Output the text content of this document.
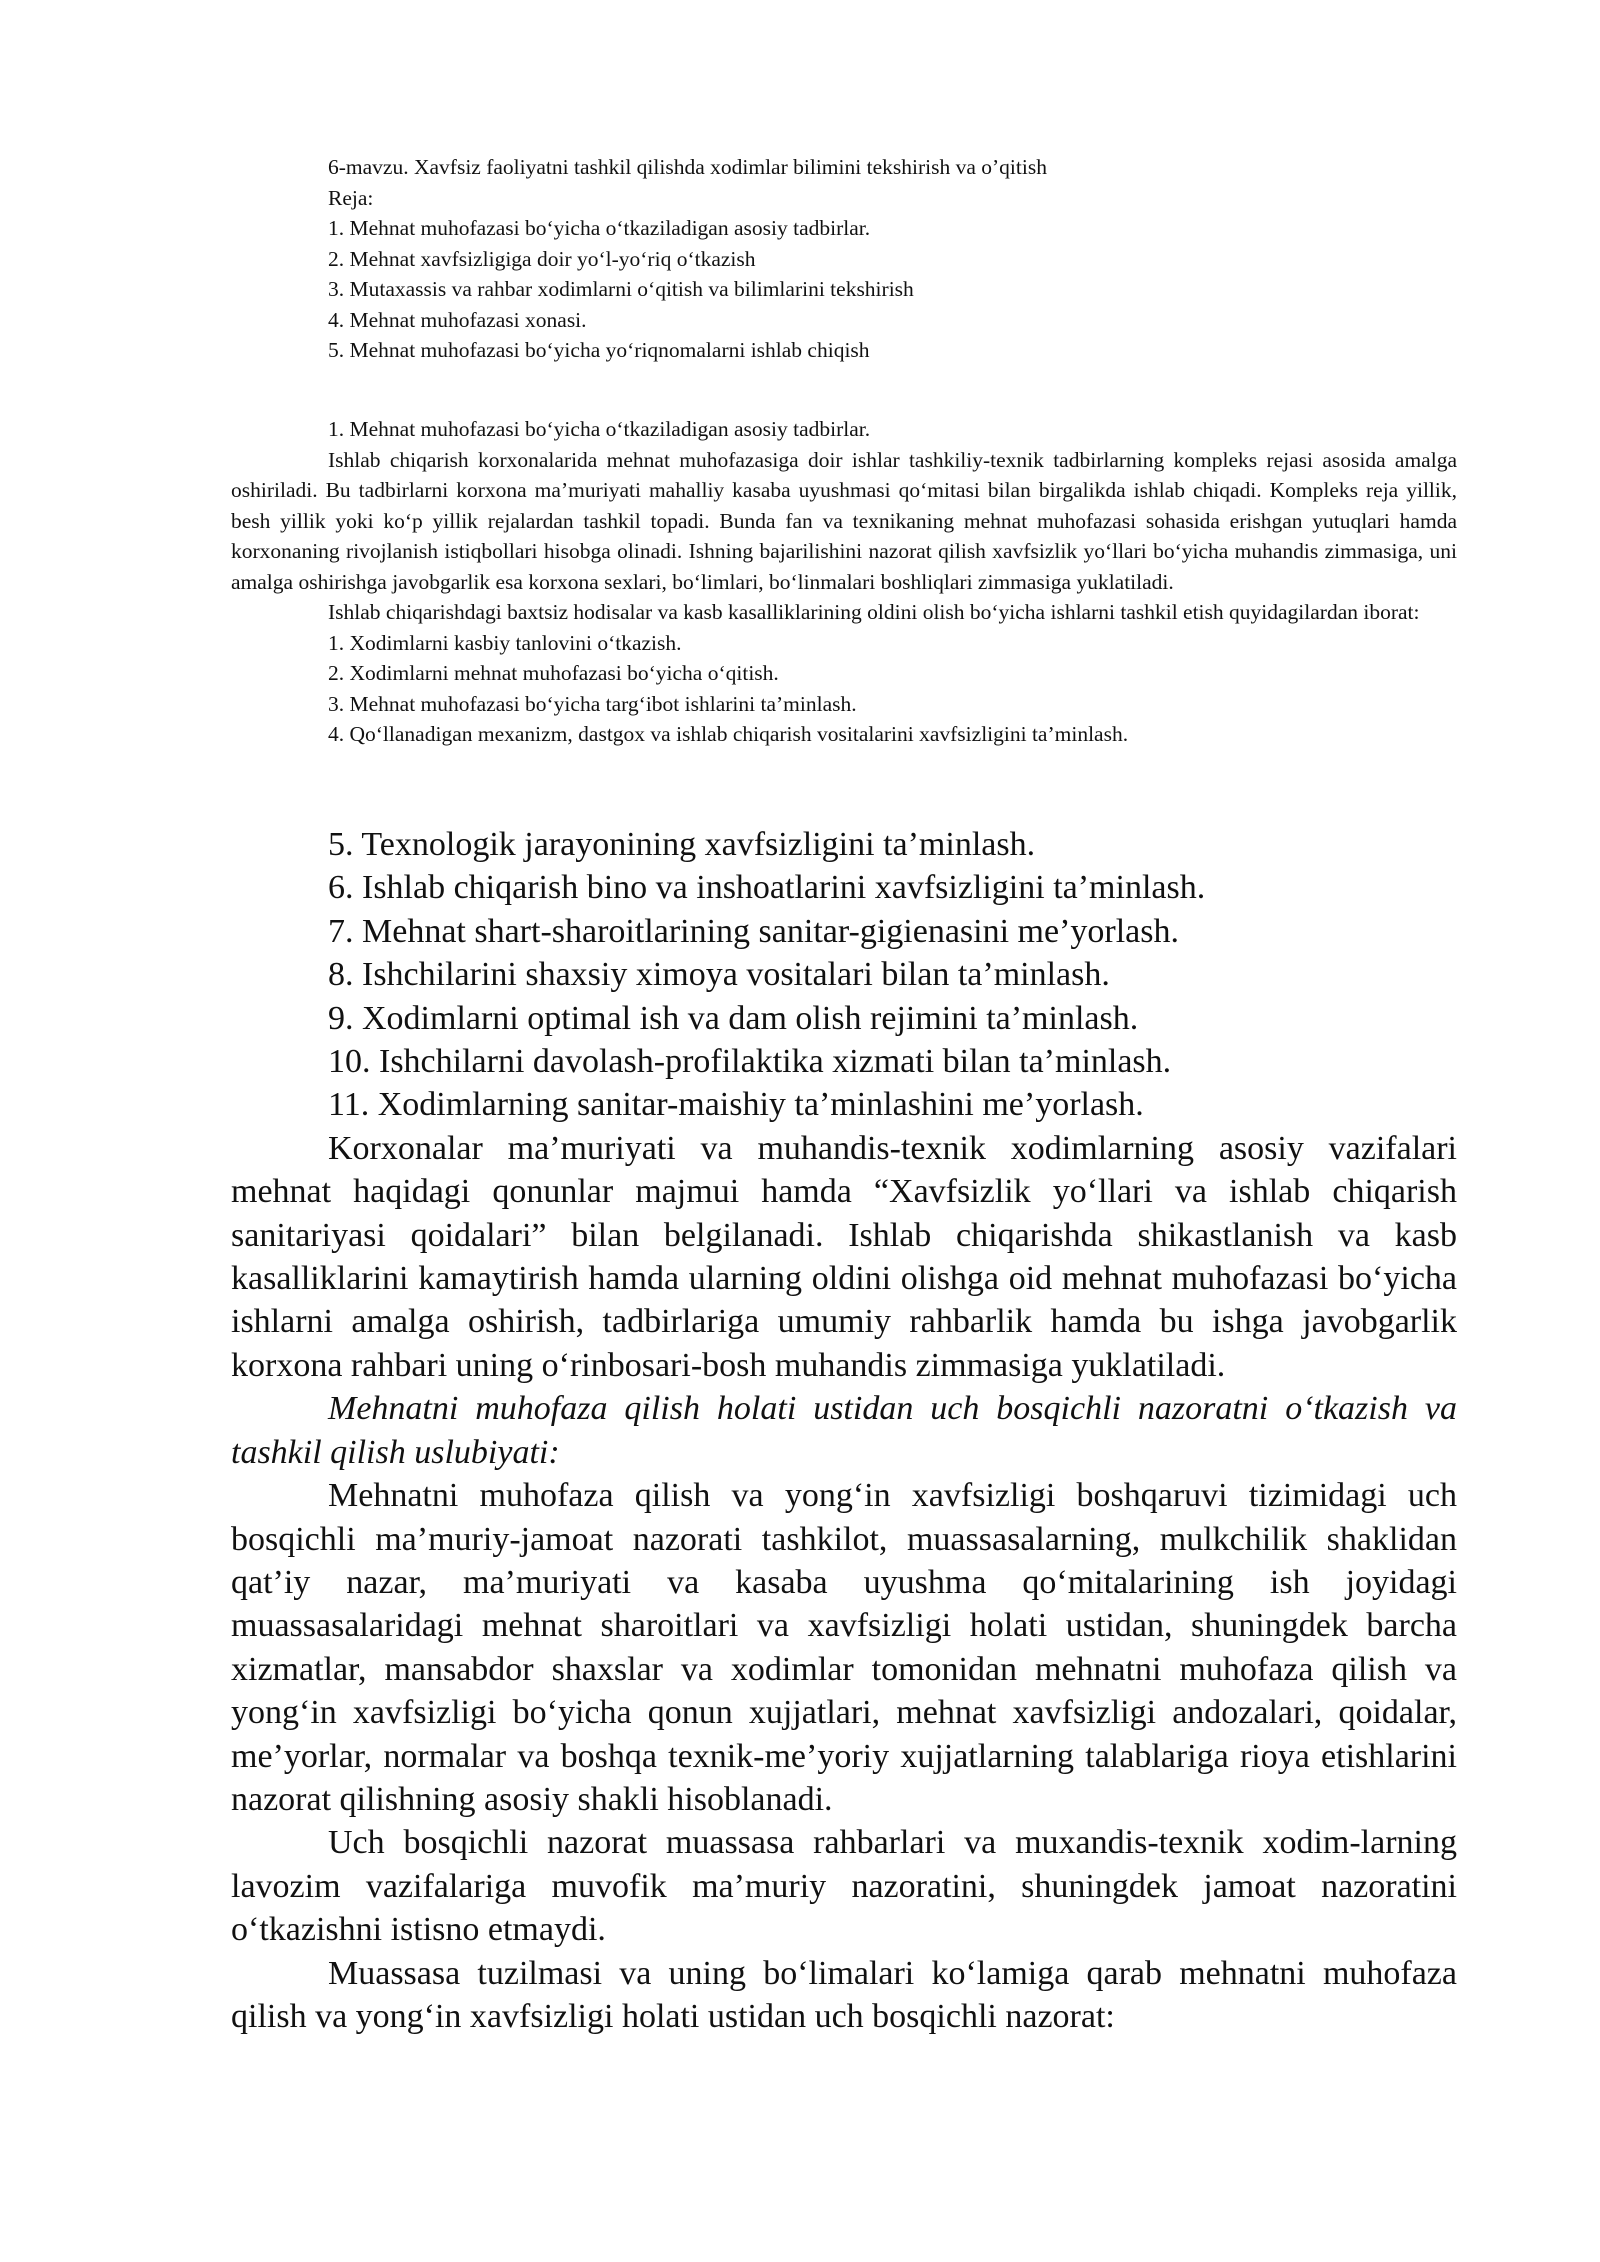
6-mavzu. Xavfsiz faoliyatni tashkil qilishda xodimlar bilimini tekshirish va o’qitish

Reja:

1. Mehnat muhofazasi bo‘yicha o‘tkaziladigan asosiy tadbirlar.

2. Mehnat xavfsizligiga doir yo‘l-yo‘riq o‘tkazish

3. Mutaxassis va rahbar xodimlarni o‘qitish va bilimlarini tekshirish

4. Mehnat muhofazasi xonasi.

5. Mehnat muhofazasi bo‘yicha yo‘riqnomalarni ishlab chiqish

1. Mehnat muhofazasi bo‘yicha o‘tkaziladigan asosiy tadbirlar.

Ishlab chiqarish korxonalarida mehnat muhofazasiga doir ishlar tashkiliy-texnik tadbirlarning kompleks rejasi asosida amalga oshiriladi. Bu tadbirlarni korxona ma’muriyati mahalliy kasaba uyushmasi qo‘mitasi bilan birgalikda ishlab chiqadi. Kompleks reja yillik, besh yillik yoki ko‘p yillik rejalardan tashkil topadi. Bunda fan va texnikaning mehnat muhofazasi sohasida erishgan yutuqlari hamda korxonaning rivojlanish istiqbollari hisobga olinadi. Ishning bajarilishini nazorat qilish xavfsizlik yo‘llari bo‘yicha muhandis zimmasiga, uni amalga oshirishga javobgarlik esa korxona sexlari, bo‘limlari, bo‘linmalari boshliqlari zimmasiga yuklatiladi.

Ishlab chiqarishdagi baxtsiz hodisalar va kasb kasalliklarining oldini olish bo‘yicha ishlarni tashkil etish quyidagilardan iborat:

1. Xodimlarni kasbiy tanlovini o‘tkazish.

2. Xodimlarni mehnat muhofazasi bo‘yicha o‘qitish.

3. Mehnat muhofazasi bo‘yicha targ‘ibot ishlarini ta’minlash.

4. Qo‘llanadigan mexanizm, dastgox va ishlab chiqarish vositalarini xavfsizligini ta’minlash.

5. Texnologik jarayonining xavfsizligini ta’minlash.

6. Ishlab chiqarish bino va inshoatlarini xavfsizligini ta’minlash.

7. Mehnat shart-sharoitlarining sanitar-gigienasini me’yorlash.

8. Ishchilarini shaxsiy ximoya vositalari bilan ta’minlash.

9. Xodimlarni optimal ish va dam olish rejimini ta’minlash.

10. Ishchilarni davolash-profilaktika xizmati bilan ta’minlash.

11. Xodimlarning sanitar-maishiy ta’minlashini me’yorlash.

Korxonalar ma’muriyati va muhandis-texnik xodimlarning asosiy vazifalari mehnat haqidagi qonunlar majmui hamda “Xavfsizlik yo‘llari va ishlab chiqarish sanitariyasi qoidalari” bilan belgilanadi. Ishlab chiqarishda shikastlanish va kasb kasalliklarini kamaytirish hamda ularning oldini olishga oid mehnat muhofazasi bo‘yicha ishlarni amalga oshirish, tadbirlariga umumiy rahbarlik hamda bu ishga javobgarlik korxona rahbari uning o‘rinbosari-bosh muhandis zimmasiga yuklatiladi.

Mehnatni muhofaza qilish holati ustidan uch bosqichli nazoratni o‘tkazish va tashkil qilish uslubiyati:

Mehnatni muhofaza qilish va yong‘in xavfsizligi boshqaruvi tizimidagi uch bosqichli ma’muriy-jamoat nazorati tashkilot, muassasalarning, mulkchilik shaklidan qat’iy nazar, ma’muriyati va kasaba uyushma qo‘mitalarining ish joyidagi muassasalaridagi mehnat sharoitlari va xavfsizligi holati ustidan, shuningdek barcha xizmatlar, mansabdor shaxslar va xodimlar tomonidan mehnatni muhofaza qilish va yong‘in xavfsizligi bo‘yicha qonun xujjatlari, mehnat xavfsizligi andozalari, qoidalar, me’yorlar, normalar va boshqa texnik-me’yoriy xujjatlarning talablariga rioya etishlarini nazorat qilishning asosiy shakli hisoblanadi.

Uch bosqichli nazorat muassasa rahbarlari va muxandis-texnik xodim-larning lavozim vazifalariga muvofik ma’muriy nazoratini, shuningdek jamoat nazoratini o‘tkazishni istisno etmaydi.

Muassasa tuzilmasi va uning bo‘limalari ko‘lamiga qarab mehnatni muhofaza qilish va yong‘in xavfsizligi holati ustidan uch bosqichli nazorat:
